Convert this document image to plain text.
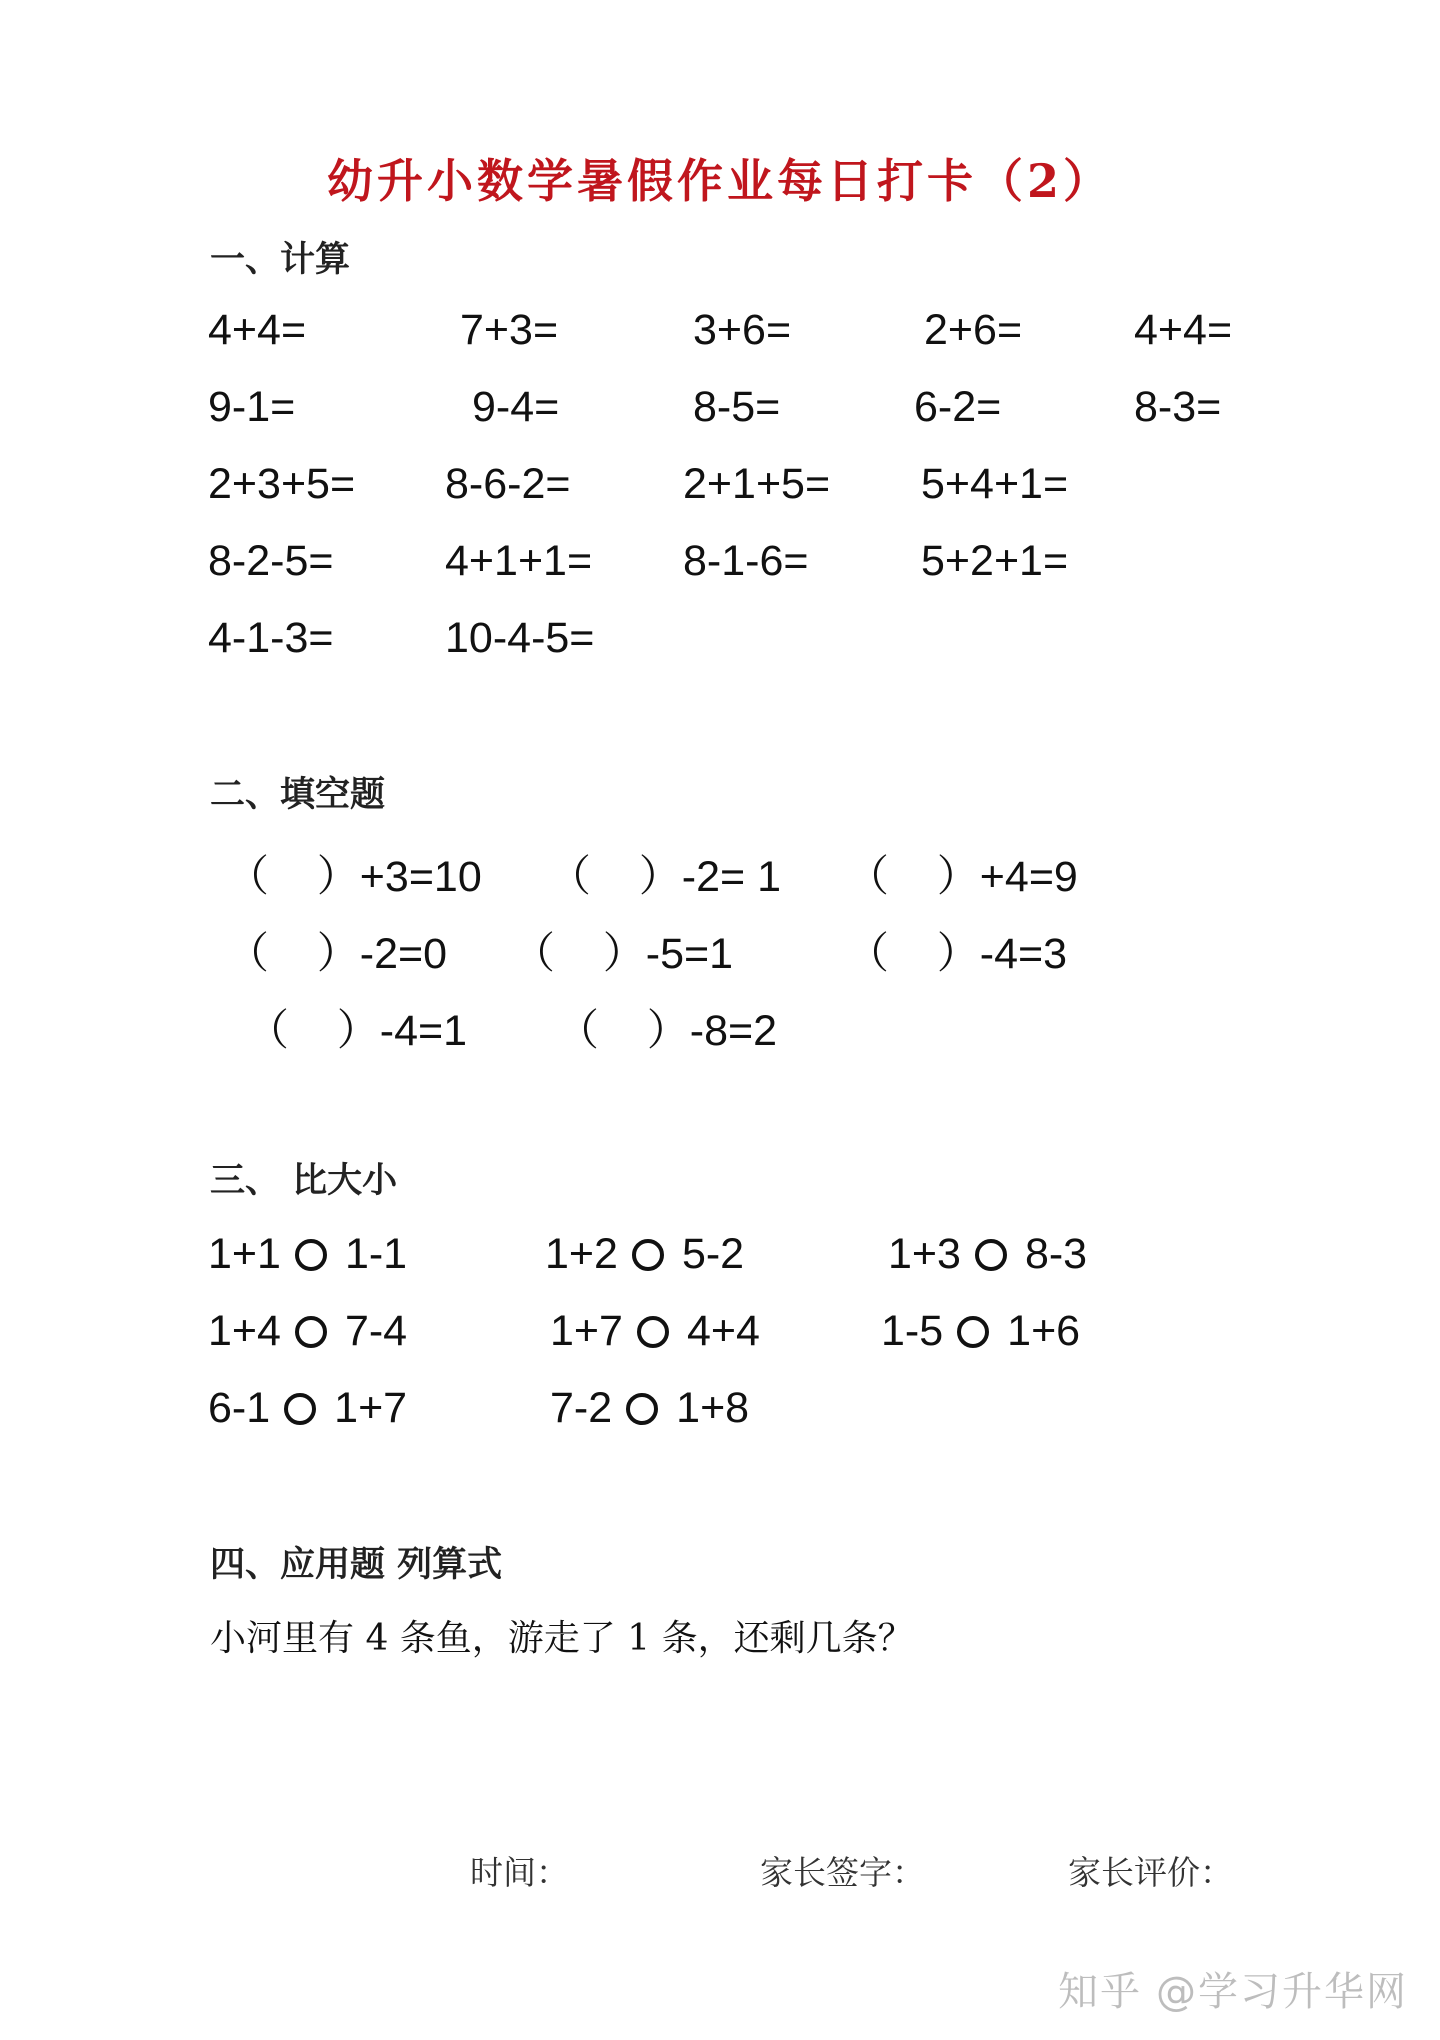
幼升小数学暑假作业每日打卡（2）
一、计算
4+4=	7+3=	3+6=	2+6=	4+4=
9-1=	9-4=	8-5=	6-2=	8-3=
2+3+5= 8-6-2=	2+1+5= 5+4+1=
8-2-5=	4+1+1= 8-1-6=	5+2+1=
4-1-3=	10-4-5=
二、填空题
（    ）+3=10 （    ）-2= 1 （    ）+4=9
（    ）-2=0 （    ）-5=1	（    ）-4=3
（    ）-4=1 （    ）-8=2
三、 比大小
1+1 1-1	1+2 5-2	1+3 8-3
1+4 7-4	1+7 4+4	1-5 1+6
6-1 1+7	7-2 1+8
四、应用题 列算式

小河里有 4 条鱼，游走了 1 条，还剩几条？

时间：	家长签字：	家长评价：
知乎 @学习升华网
